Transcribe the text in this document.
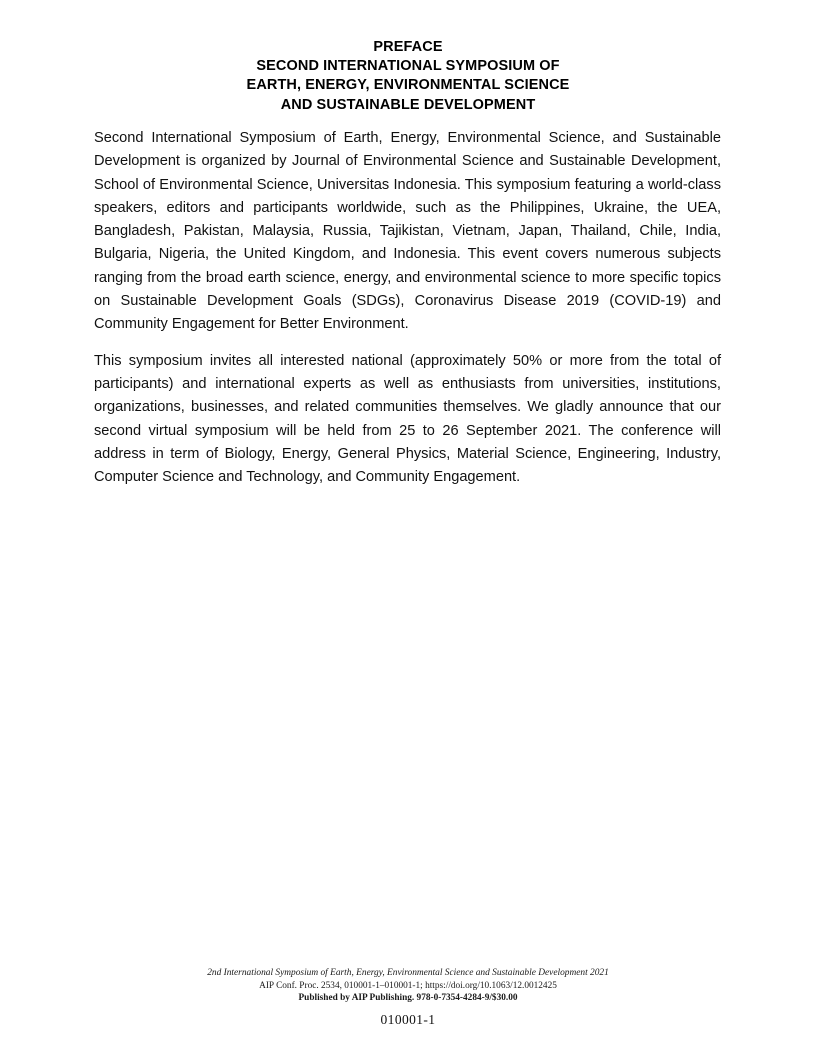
PREFACE
SECOND INTERNATIONAL SYMPOSIUM OF
EARTH, ENERGY, ENVIRONMENTAL SCIENCE
AND SUSTAINABLE DEVELOPMENT

Second International Symposium of Earth, Energy, Environmental Science, and Sustainable Development is organized by Journal of Environmental Science and Sustainable Development, School of Environmental Science, Universitas Indonesia. This symposium featuring a world-class speakers, editors and participants worldwide, such as the Philippines, Ukraine, the UEA, Bangladesh, Pakistan, Malaysia, Russia, Tajikistan, Vietnam, Japan, Thailand, Chile, India, Bulgaria, Nigeria, the United Kingdom, and Indonesia. This event covers numerous subjects ranging from the broad earth science, energy, and environmental science to more specific topics on Sustainable Development Goals (SDGs), Coronavirus Disease 2019 (COVID-19) and Community Engagement for Better Environment.

This symposium invites all interested national (approximately 50% or more from the total of participants) and international experts as well as enthusiasts from universities, institutions, organizations, businesses, and related communities themselves. We gladly announce that our second virtual symposium will be held from 25 to 26 September 2021. The conference will address in term of Biology, Energy, General Physics, Material Science, Engineering, Industry, Computer Science and Technology, and Community Engagement.

2nd International Symposium of Earth, Energy, Environmental Science and Sustainable Development 2021
AIP Conf. Proc. 2534, 010001-1–010001-1; https://doi.org/10.1063/12.0012425
Published by AIP Publishing. 978-0-7354-4284-9/$30.00
010001-1
